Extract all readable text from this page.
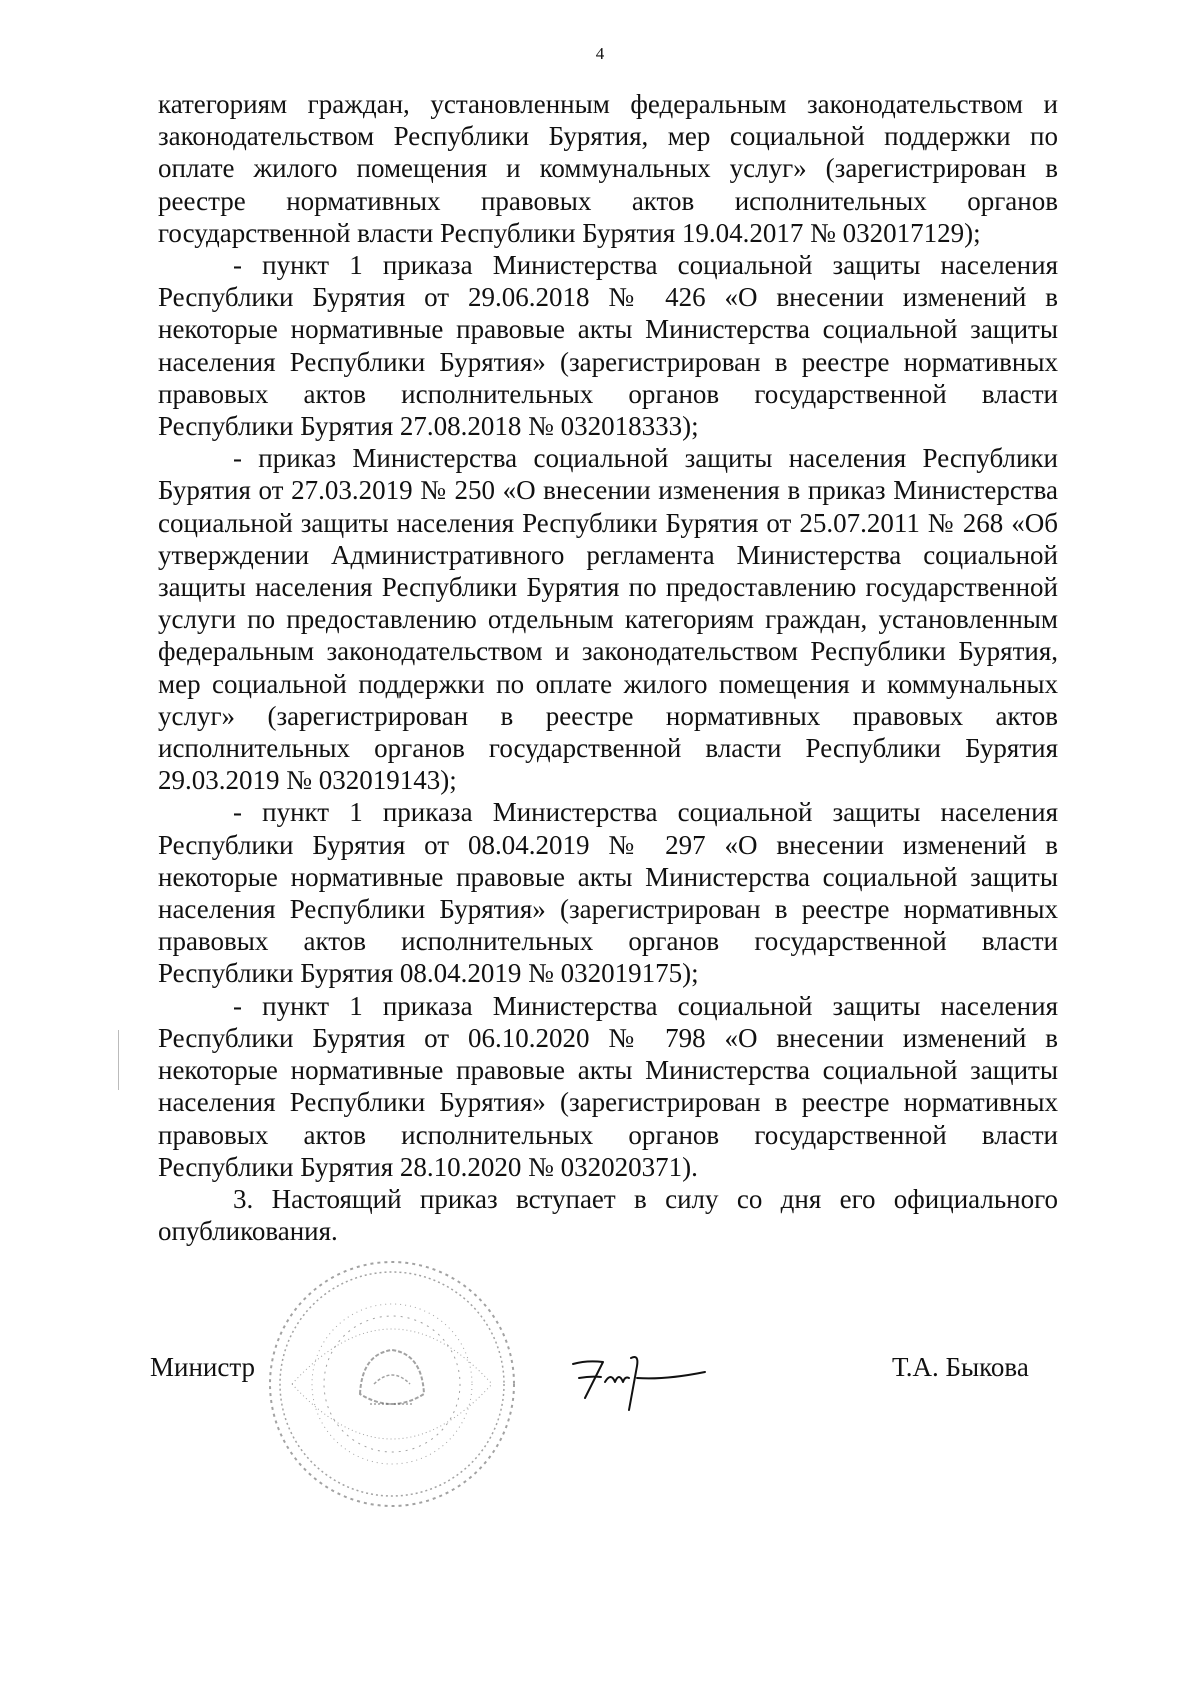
4

категориям граждан, установленным федеральным законодательством и законодательством Республики Бурятия, мер социальной поддержки по оплате жилого помещения и коммунальных услуг» (зарегистрирован в реестре нормативных правовых актов исполнительных органов государственной власти Республики Бурятия 19.04.2017 № 032017129);

- пункт 1 приказа Министерства социальной защиты населения Республики Бурятия от 29.06.2018 № 426 «О внесении изменений в некоторые нормативные правовые акты Министерства социальной защиты населения Республики Бурятия» (зарегистрирован в реестре нормативных правовых актов исполнительных органов государственной власти Республики Бурятия 27.08.2018 № 032018333);

- приказ Министерства социальной защиты населения Республики Бурятия от 27.03.2019 № 250 «О внесении изменения в приказ Министерства социальной защиты населения Республики Бурятия от 25.07.2011 № 268 «Об утверждении Административного регламента Министерства социальной защиты населения Республики Бурятия по предоставлению государственной услуги по предоставлению отдельным категориям граждан, установленным федеральным законодательством и законодательством Республики Бурятия, мер социальной поддержки по оплате жилого помещения и коммунальных услуг» (зарегистрирован в реестре нормативных правовых актов исполнительных органов государственной власти Республики Бурятия 29.03.2019 № 032019143);

- пункт 1 приказа Министерства социальной защиты населения Республики Бурятия от 08.04.2019 № 297 «О внесении изменений в некоторые нормативные правовые акты Министерства социальной защиты населения Республики Бурятия» (зарегистрирован в реестре нормативных правовых актов исполнительных органов государственной власти Республики Бурятия 08.04.2019 № 032019175);

- пункт 1 приказа Министерства социальной защиты населения Республики Бурятия от 06.10.2020 № 798 «О внесении изменений в некоторые нормативные правовые акты Министерства социальной защиты населения Республики Бурятия» (зарегистрирован в реестре нормативных правовых актов исполнительных органов государственной власти Республики Бурятия 28.10.2020 № 032020371).

3. Настоящий приказ вступает в силу со дня его официального опубликования.

Министр	Т.А. Быкова
